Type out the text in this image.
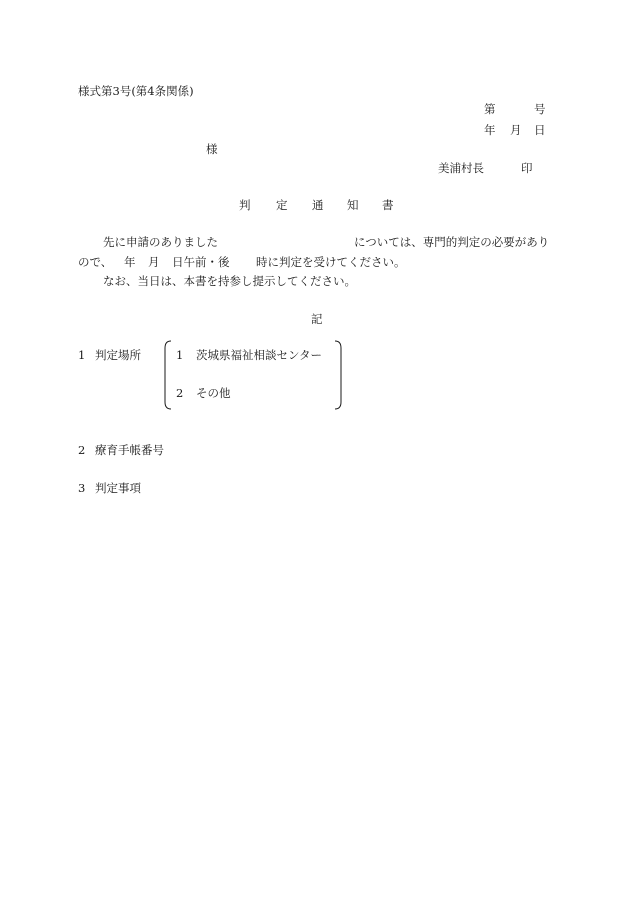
様式第3号(第4条関係)
第	号
年 月 日
様
美浦村長	印
判 定 通 知 書
先に申請のありました	については、専門的判定の必要があり
ので、 年 月 日午前・後 時に判定を受けてください。
なお、当日は、本書を持参し提示してください。
記
1 判定場所	1 茨城県福祉相談センター
2 その他
2 療育手帳番号
3 判定事項
